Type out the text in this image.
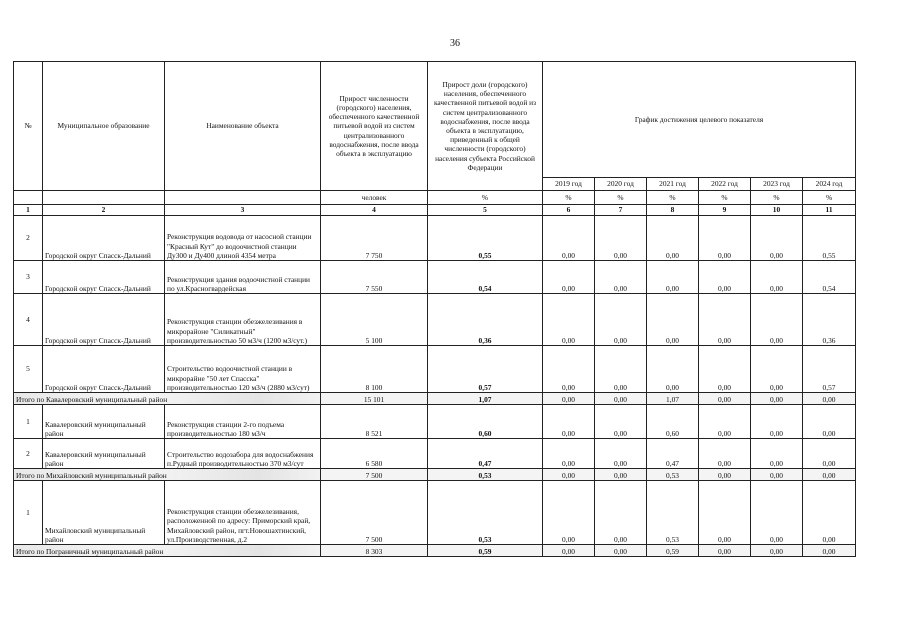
36
№	Муниципальное образование	Наименование объекта	Прирост численности (городского) населения, обеспеченного качественной питьевой водой из систем централизованного водоснабжения, после ввода объекта в эксплуатацию	Прирост доли (городского) населения, обеспеченного качественной питьевой водой из систем централизованного водоснабжения, после ввода объекта в эксплуатацию, приведенный к общей численности (городского) населения субъекта Российской Федерации	График достижения целевого показателя					
					2019 год	2020 год	2021 год	2022 год	2023 год	2024 год
			человек	%	%	%	%	%	%	%
1	2	3	4	5	6	7	8	9	10	11
2	Городской округ Спасск-Дальний	Реконструкция водовода от насосной станции "Красный Кут" до водоочистной станции Ду300 и Ду400 длиной 4354 метра	7 750	0,55	0,00	0,00	0,00	0,00	0,00	0,55
3	Городской округ Спасск-Дальний	Реконструкция здания водоочистной станции по ул.Красногвардейская	7 550	0,54	0,00	0,00	0,00	0,00	0,00	0,54
4	Городской округ Спасск-Дальний	Реконструкция станции обезжелезивания в микрорайоне "Силикатный" производительностью 50 м3/ч (1200 м3/сут.)	5 100	0,36	0,00	0,00	0,00	0,00	0,00	0,36
5	Городской округ Спасск-Дальний	Строительство водоочистной станции в микрорайне "50 лет Спасска" производительностью 120 м3/ч (2880 м3/сут)	8 100	0,57	0,00	0,00	0,00	0,00	0,00	0,57
Итого по Кавалеровский муниципальный район			15 101	1,07	0,00	0,00	1,07	0,00	0,00	0,00
1	Кавалеровский муниципальный район	Реконструкция станции 2-го подъема производительностью 180 м3/ч	8 521	0,60	0,00	0,00	0,60	0,00	0,00	0,00
2	Кавалеровский муниципальный район	Строительство водозабора для водоснабжения п.Рудный производительностью 370 м3/сут	6 580	0,47	0,00	0,00	0,47	0,00	0,00	0,00
Итого по Михайловский муниципальный район			7 500	0,53	0,00	0,00	0,53	0,00	0,00	0,00
1	Михайловский муниципальный район	Реконструкция станции обезжелезивания, расположенной по адресу: Приморский край, Михайловский район, пгт.Новошахтинский, ул.Производственная, д.2	7 500	0,53	0,00	0,00	0,53	0,00	0,00	0,00
Итого по Пограничный муниципальный район			8 303	0,59	0,00	0,00	0,59	0,00	0,00	0,00
